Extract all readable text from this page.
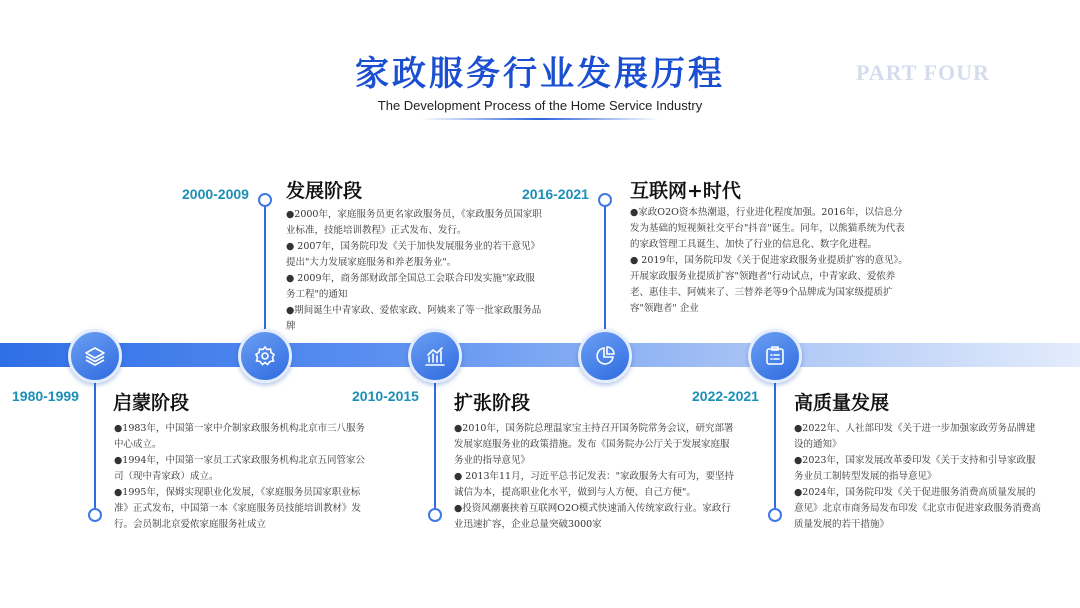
家政服务行业发展历程
The Development Process of the Home Service Industry
PART FOUR
1980-1999 启蒙阶段

●1983年，中国第一家中介制家政服务机构北京市三八服务中心成立。

●1994年，中国第一家员工式家政服务机构北京五同管家公司（现中青家政）成立。

●1995年，保姆实现职业化发展，《家庭服务员国家职业标准》正式发布，中国第一本《家庭服务员技能培训教材》发行。会员制北京爱侬家庭服务社成立

2000-2009 发展阶段

●2000年，家庭服务员更名家政服务员，《家政服务员国家职业标准，技能培训教程》正式发布、发行。

● 2007年，国务院印发《关于加快发展服务业的若干意见》提出"大力发展家庭服务和养老服务业"。

● 2009年，商务部财政部全国总工会联合印发实施"家政服务工程"的通知

●期间诞生中青家政、爱侬家政、阿姨来了等一批家政服务品牌

2010-2015 扩张阶段

●2010年，国务院总理温家宝主持召开国务院常务会议，研究部署发展家庭服务业的政策措施。发布《国务院办公厅关于发展家庭服务业的指导意见》

● 2013年11月，习近平总书记发表："家政服务大有可为，要坚持诚信为本，提高职业化水平，做到与人方便、自己方便"。

●投资风潮裹挟着互联网O2O模式快速涌入传统家政行业。家政行业迅速扩容，企业总量突破3000家

2016-2021 互联网+时代

●家政O2O资本热潮退，行业进化程度加强。2016年，以信息分发为基础的短视频社交平台"抖音"诞生。同年，以熊猫系统为代表的家政管理工具诞生、加快了行业的信息化、数字化进程。

● 2019年，国务院印发《关于促进家政服务业提质扩容的意见》。开展家政服务业提质扩容"领跑者"行动试点，中青家政、爱侬养老、惠佳丰、阿姨来了、三替养老等9个品牌成为国家级提质扩容"领跑者" 企业

2022-2021 高质量发展

●2022年、人社部印发《关于进一步加强家政劳务品牌建设的通知》

●2023年，国家发展改革委印发《关于支持和引导家政服务业员工制转型发展的指导意见》

●2024年，国务院印发《关于促进服务消费高质量发展的意见》北京市商务局发布印发《北京市促进家政服务消费高质量发展的若干措施》
